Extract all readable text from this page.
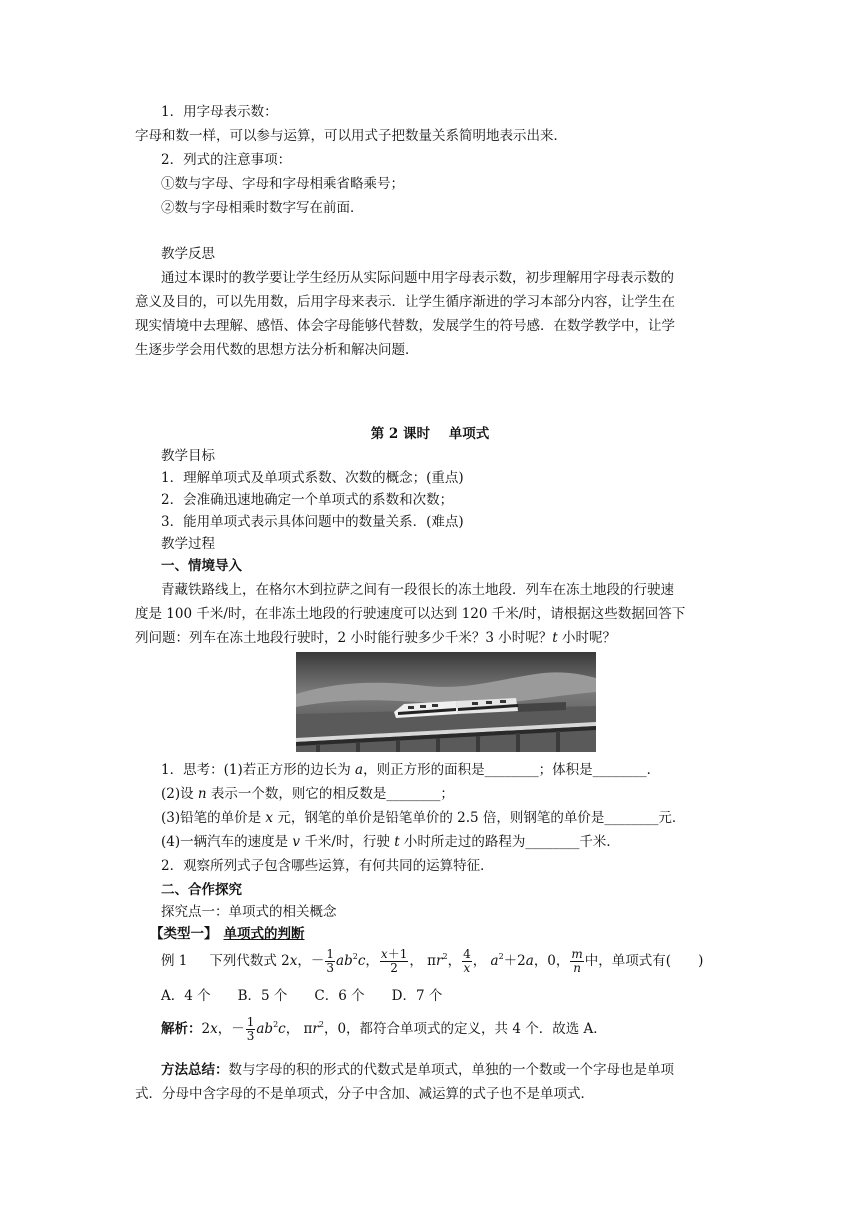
1．用字母表示数：
字母和数一样，可以参与运算，可以用式子把数量关系简明地表示出来．
2．列式的注意事项：
①数与字母、字母和字母相乘省略乘号；
②数与字母相乘时数字写在前面．
教学反思
通过本课时的教学要让学生经历从实际问题中用字母表示数，初步理解用字母表示数的
意义及目的，可以先用数，后用字母来表示．让学生循序渐进的学习本部分内容，让学生在
现实情境中去理解、感悟、体会字母能够代替数，发展学生的符号感．在数学教学中，让学
生逐步学会用代数的思想方法分析和解决问题．
第 2 课时    单项式
教学目标
1．理解单项式及单项式系数、次数的概念；(重点)
2．会准确迅速地确定一个单项式的系数和次数；
3．能用单项式表示具体问题中的数量关系．(难点)
教学过程
一、情境导入
青藏铁路线上，在格尔木到拉萨之间有一段很长的冻土地段．列车在冻土地段的行驶速
度是 100 千米/时，在非冻土地段的行驶速度可以达到 120 千米/时，请根据这些数据回答下
列问题：列车在冻土地段行驶时，2 小时能行驶多少千米？3 小时呢？t 小时呢？
1．思考：(1)若正方形的边长为 a，则正方形的面积是________；体积是________．
(2)设 n 表示一个数，则它的相反数是________；
(3)铅笔的单价是 x 元，钢笔的单价是铅笔单价的 2.5 倍，则钢笔的单价是________元．
(4)一辆汽车的速度是 v 千米/时，行驶 t 小时所走过的路程为________千米．
2．观察所列式子包含哪些运算，有何共同的运算特征．
二、合作探究
探究点一：单项式的相关概念
【类型一】 单项式的判断
例 1 下列代数式 2x，－ $\frac{1}{3} ab^2c$， $\frac{x+1}{2}$ ， $\pi r^2$， $\frac{4}{x}$ ， $a^2+2a$，0， $\frac{m}{n}$ 中，单项式有(　　)
A．4 个　　B．5 个　　C．6 个　　D．7 个
解析：2x，－ $\frac{1}{3} ab^2c$， $\pi r^2$，0，都符合单项式的定义，共 4 个．故选 A．
方法总结：数与字母的积的形式的代数式是单项式，单独的一个数或一个字母也是单项
式．分母中含字母的不是单项式，分子中含加、减运算的式子也不是单项式．
